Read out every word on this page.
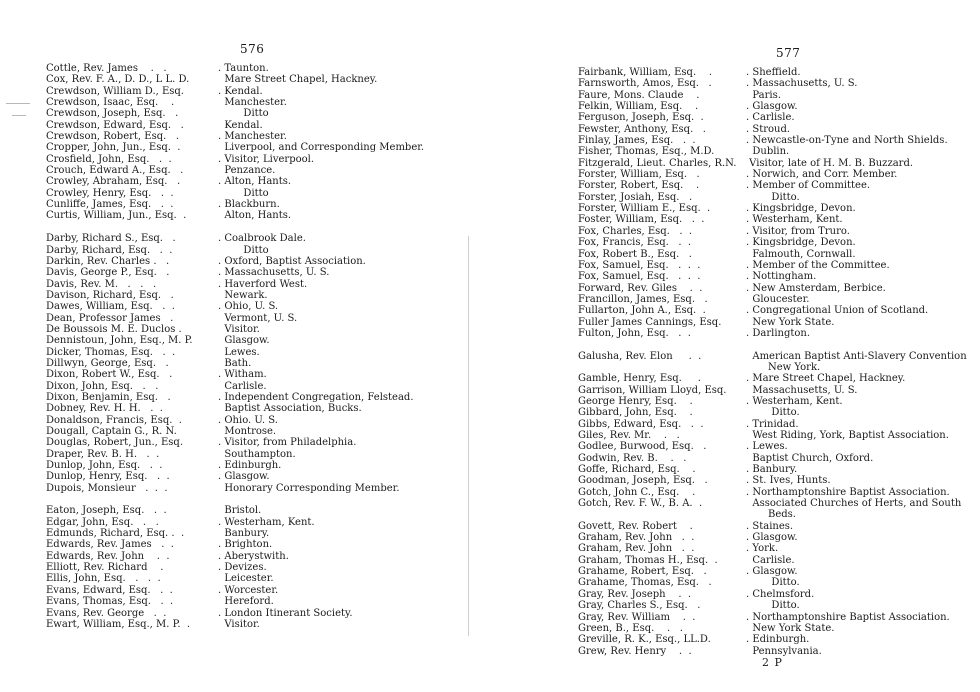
576
Cottle, Rev. James    .   .	. Taunton.
Cox, Rev. F. A., D. D., L L. D.	Mare Street Chapel, Hackney.
Crewdson, William D., Esq.	. Kendal.
Crewdson, Isaac, Esq.    .	Manchester.
Crewdson, Joseph, Esq.   .	Ditto
Crewdson, Edward, Esq.   .	Kendal.
Crewdson, Robert, Esq.   .	. Manchester.
Cropper, John, Jun., Esq.  .	Liverpool, and Corresponding Member.
Crosfield, John, Esq.   .  .	. Visitor, Liverpool.
Crouch, Edward A., Esq.   .	Penzance.
Crowley, Abraham, Esq.   .	. Alton, Hants.
Crowley, Henry, Esq.   .  .	Ditto
Cunliffe, James, Esq.   .  .	. Blackburn.
Curtis, William, Jun., Esq.  .	Alton, Hants.
Darby, Richard S., Esq.   .	. Coalbrook Dale.
Darby, Richard, Esq.   .  .	Ditto
Darkin, Rev. Charles .   .	. Oxford, Baptist Association.
Davis, George P., Esq.   .	. Massachusetts, U. S.
Davis, Rev. M.   .   .   .	. Haverford West.
Davison, Richard, Esq.   .	Newark.
Dawes, William, Esq.   .  .	. Ohio, U. S.
Dean, Professor James   .	Vermont, U. S.
De Boussois M. E. Duclos .	Visitor.
Dennistoun, John, Esq., M. P.	Glasgow.
Dicker, Thomas, Esq.   .  .	Lewes.
Dillwyn, George, Esq.   .	Bath.
Dixon, Robert W., Esq.   .	. Witham.
Dixon, John, Esq.   .   .	Carlisle.
Dixon, Benjamin, Esq.   .	. Independent Congregation, Felstead.
Dobney, Rev. H. H.   .  .	Baptist Association, Bucks.
Donaldson, Francis, Esq.  .	. Ohio. U. S.
Dougall, Captain G., R. N.	Montrose.
Douglas, Robert, Jun., Esq.	. Visitor, from Philadelphia.
Draper, Rev. B. H.   .  .	Southampton.
Dunlop, John, Esq.   .  .	. Edinburgh.
Dunlop, Henry, Esq.   .  .	. Glasgow.
Dupois, Monsieur   .  .  .	Honorary Corresponding Member.
Eaton, Joseph, Esq.   .  .	Bristol.
Edgar, John, Esq.   .   .	. Westerham, Kent.
Edmunds, Richard, Esq. .  .	Banbury.
Edwards, Rev. James   .  .	. Brighton.
Edwards, Rev. John    .  .	. Aberystwith.
Elliott, Rev. Richard    .	. Devizes.
Ellis, John, Esq.   .   .  .	Leicester.
Evans, Edward, Esq.   .  .	. Worcester.
Evans, Thomas, Esq.   .  .	Hereford.
Evans, Rev. George   .  .	. London Itinerant Society.
Ewart, William, Esq., M. P.  .	Visitor.
577
Fairbank, William, Esq.    .	. Sheffield.
Farnsworth, Amos, Esq.   .	. Massachusetts, U. S.
Faure, Mons. Claude    .	Paris.
Felkin, William, Esq.    .	. Glasgow.
Ferguson, Joseph, Esq.  .	. Carlisle.
Fewster, Anthony, Esq.   .	. Stroud.
Finlay, James, Esq.   .  .	. Newcastle-on-Tyne and North Shields.
Fisher, Thomas, Esq., M.D.	Dublin.
Fitzgerald, Lieut. Charles, R.N. Visitor, late of H. M. B. Buzzard.
Forster, William, Esq.   .	. Norwich, and Corr. Member.
Forster, Robert, Esq.    .	. Member of Committee.
Forster, Josiah, Esq.   .	Ditto.
Forster, William E., Esq.  .	. Kingsbridge, Devon.
Foster, William, Esq.   .  .	. Westerham, Kent.
Fox, Charles, Esq.   .  .	. Visitor, from Truro.
Fox, Francis, Esq.   .  .	. Kingsbridge, Devon.
Fox, Robert B., Esq.   .	Falmouth, Cornwall.
Fox, Samuel, Esq.   .  .  .	. Member of the Committee.
Fox, Samuel, Esq.   .  .  .	. Nottingham.
Forward, Rev. Giles    .  .	. New Amsterdam, Berbice.
Francillon, James, Esq.   .	Gloucester.
Fullarton, John A., Esq.  .	. Congregational Union of Scotland.
Fuller James Cannings, Esq.	New York State.
Fulton, John, Esq.   .  .	. Darlington.
Galusha, Rev. Elon     .  .	American Baptist Anti-Slavery Convention
New York.
Gamble, Henry, Esq.     .	. Mare Street Chapel, Hackney.
Garrison, William Lloyd, Esq.	Massachusetts, U. S.
George Henry, Esq.    .	. Westerham, Kent.
Gibbard, John, Esq.    .	Ditto.
Gibbs, Edward, Esq.   .  .	. Trinidad.
Giles, Rev. Mr.    .   .	West Riding, York, Baptist Association.
Godlee, Burwood, Esq.   .	. Lewes.
Godwin, Rev. B.    .   .	Baptist Church, Oxford.
Goffe, Richard, Esq.    .	. Banbury.
Goodman, Joseph, Esq.   .	. St. Ives, Hunts.
Gotch, John C., Esq.    .	. Northamptonshire Baptist Association.
Gotch, Rev. F. W., B. A.  .	Associated Churches of Herts, and South
Beds.
Govett, Rev. Robert    .	. Staines.
Graham, Rev. John   .  .	. Glasgow.
Graham, Rev. John   .  .	. York.
Graham, Thomas H., Esq.  .	Carlisle.
Grahame, Robert, Esq.   .	. Glasgow.
Grahame, Thomas, Esq.   .	Ditto.
Gray, Rev. Joseph    .  .	. Chelmsford.
Gray, Charles S., Esq.   .	Ditto.
Gray, Rev. William    .  .	. Northamptonshire Baptist Association.
Green, B., Esq.    .   .	New York State.
Greville, R. K., Esq., LL.D.	. Edinburgh.
Grew, Rev. Henry    .  .	Pennsylvania.
2 P
